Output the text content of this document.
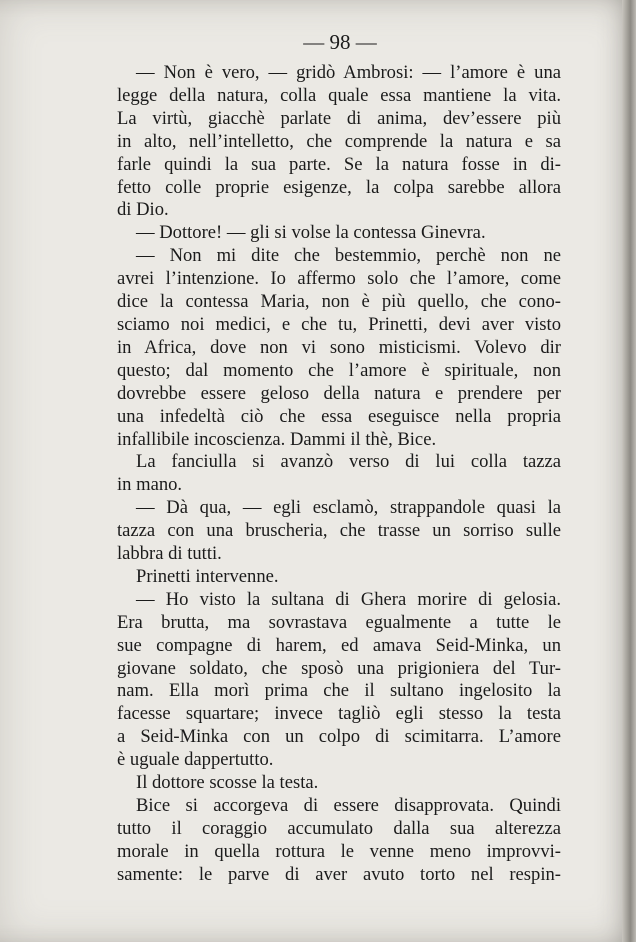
— 98 —
— Non è vero, — gridò Ambrosi: — l’amore è una
legge della natura, colla quale essa mantiene la vita.
La virtù, giacchè parlate di anima, dev’essere più
in alto, nell’intelletto, che comprende la natura e sa
farle quindi la sua parte. Se la natura fosse in di-
fetto colle proprie esigenze, la colpa sarebbe allora
di Dio.
— Dottore! — gli si volse la contessa Ginevra.
— Non mi dite che bestemmio, perchè non ne
avrei l’intenzione. Io affermo solo che l’amore, come
dice la contessa Maria, non è più quello, che cono-
sciamo noi medici, e che tu, Prinetti, devi aver visto
in Africa, dove non vi sono misticismi. Volevo dir
questo; dal momento che l’amore è spirituale, non
dovrebbe essere geloso della natura e prendere per
una infedeltà ciò che essa eseguisce nella propria
infallibile incoscienza. Dammi il thè, Bice.
La fanciulla si avanzò verso di lui colla tazza
in mano.
— Dà qua, — egli esclamò, strappandole quasi la
tazza con una bruscheria, che trasse un sorriso sulle
labbra di tutti.
Prinetti intervenne.
— Ho visto la sultana di Ghera morire di gelosia.
Era brutta, ma sovrastava egualmente a tutte le
sue compagne di harem, ed amava Seid-Minka, un
giovane soldato, che sposò una prigioniera del Tur-
nam. Ella morì prima che il sultano ingelosito la
facesse squartare; invece tagliò egli stesso la testa
a Seid-Minka con un colpo di scimitarra. L’amore
è uguale dappertutto.
Il dottore scosse la testa.
Bice si accorgeva di essere disapprovata. Quindi
tutto il coraggio accumulato dalla sua alterezza
morale in quella rottura le venne meno improvvi-
samente: le parve di aver avuto torto nel respin-
